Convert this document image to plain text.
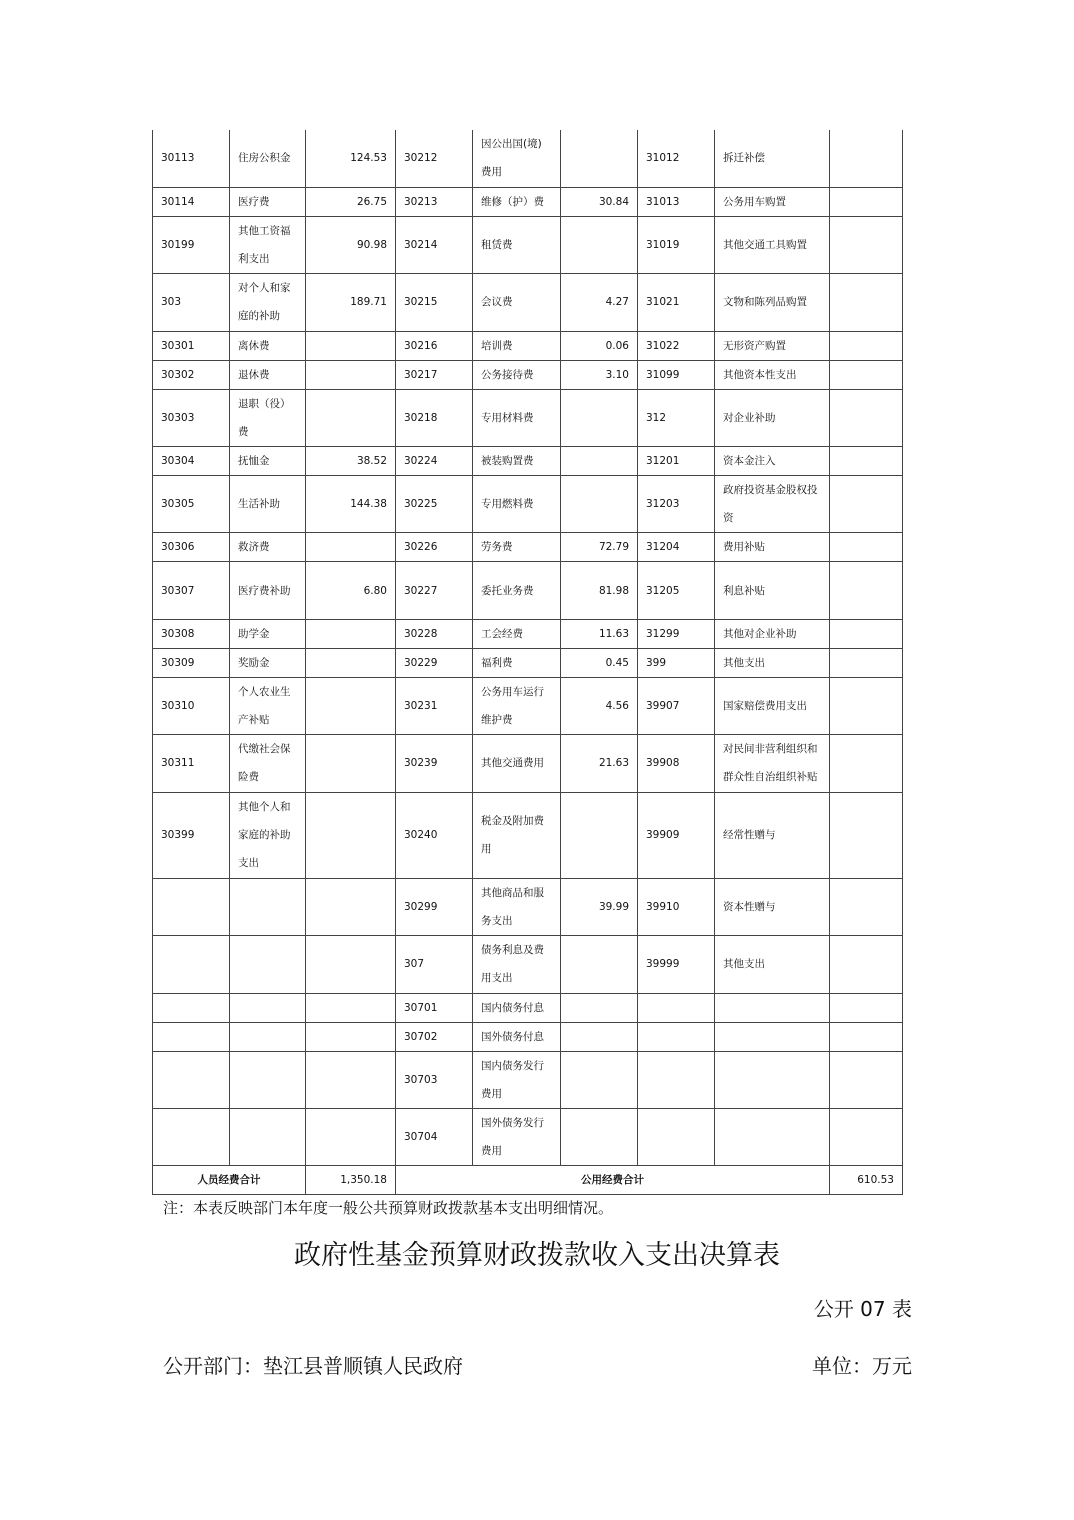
30113	住房公积金	124.53	30212	因公出国(境)费用		31012	拆迁补偿	
30114	医疗费	26.75	30213	维修（护）费	30.84	31013	公务用车购置	
30199	其他工资福利支出	90.98	30214	租赁费		31019	其他交通工具购置	
303	对个人和家庭的补助	189.71	30215	会议费	4.27	31021	文物和陈列品购置	
30301	离休费		30216	培训费	0.06	31022	无形资产购置	
30302	退休费		30217	公务接待费	3.10	31099	其他资本性支出	
30303	退职（役）费		30218	专用材料费		312	对企业补助	
30304	抚恤金	38.52	30224	被装购置费		31201	资本金注入	
30305	生活补助	144.38	30225	专用燃料费		31203	政府投资基金股权投资	
30306	救济费		30226	劳务费	72.79	31204	费用补贴	
30307	医疗费补助	6.80	30227	委托业务费	81.98	31205	利息补贴	
30308	助学金		30228	工会经费	11.63	31299	其他对企业补助	
30309	奖励金		30229	福利费	0.45	399	其他支出	
30310	个人农业生产补贴		30231	公务用车运行维护费	4.56	39907	国家赔偿费用支出	
30311	代缴社会保险费		30239	其他交通费用	21.63	39908	对民间非营利组织和群众性自治组织补贴	
30399	其他个人和家庭的补助支出		30240	税金及附加费用		39909	经常性赠与	
			30299	其他商品和服务支出	39.99	39910	资本性赠与	
			307	债务利息及费用支出		39999	其他支出	
			30701	国内债务付息				
			30702	国外债务付息				
			30703	国内债务发行费用				
			30704	国外债务发行费用				
人员经费合计		1,350.18	公用经费合计					610.53
注：本表反映部门本年度一般公共预算财政拨款基本支出明细情况。
政府性基金预算财政拨款收入支出决算表
公开 07 表
公开部门：垫江县普顺镇人民政府	单位：万元
